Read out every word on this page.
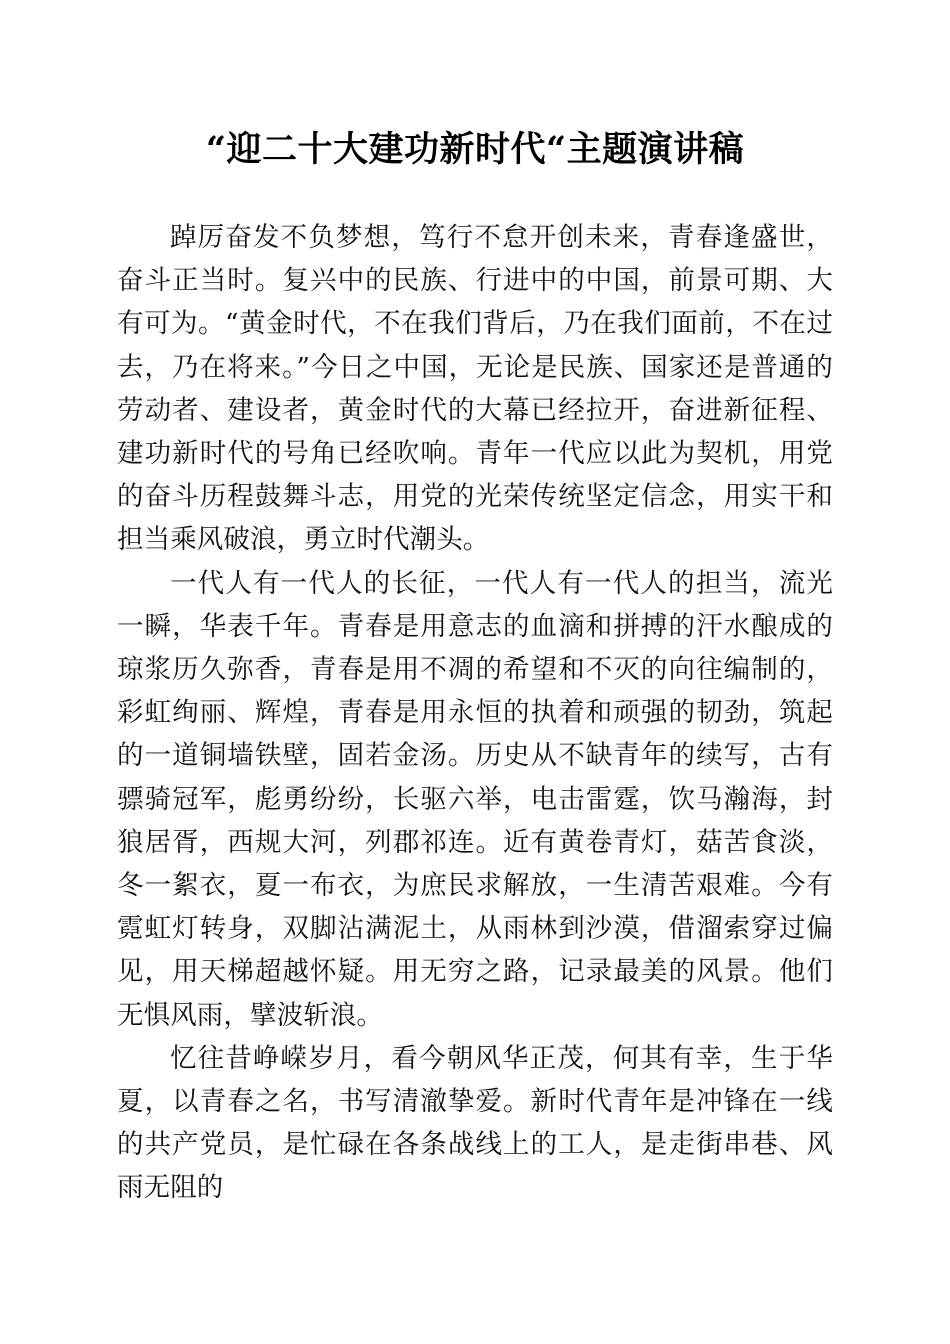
“迎二十大建功新时代“主题演讲稿

踔厉奋发不负梦想，笃行不怠开创未来，青春逢盛世，奋斗正当时。复兴中的民族、行进中的中国，前景可期、大有可为。“黄金时代，不在我们背后，乃在我们面前，不在过去，乃在将来。”今日之中国，无论是民族、国家还是普通的劳动者、建设者，黄金时代的大幕已经拉开，奋进新征程、建功新时代的号角已经吹响。青年一代应以此为契机，用党的奋斗历程鼓舞斗志，用党的光荣传统坚定信念，用实干和担当乘风破浪，勇立时代潮头。

一代人有一代人的长征，一代人有一代人的担当，流光一瞬，华表千年。青春是用意志的血滴和拼搏的汗水酿成的琼浆历久弥香，青春是用不凋的希望和不灭的向往编制的，彩虹绚丽、辉煌，青春是用永恒的执着和顽强的韧劲，筑起的一道铜墙铁壁，固若金汤。历史从不缺青年的续写，古有骠骑冠军，彪勇纷纷，长驱六举，电击雷霆，饮马瀚海，封狼居胥，西规大河，列郡祁连。近有黄卷青灯，菇苦食淡，冬一絮衣，夏一布衣，为庶民求解放，一生清苦艰难。今有霓虹灯转身，双脚沾满泥土，从雨林到沙漠，借溜索穿过偏见，用天梯超越怀疑。用无穷之路，记录最美的风景。他们无惧风雨，擘波斩浪。

忆往昔峥嵘岁月，看今朝风华正茂，何其有幸，生于华夏，以青春之名，书写清澈挚爱。新时代青年是冲锋在一线的共产党员，是忙碌在各条战线上的工人，是走街串巷、风雨无阻的
